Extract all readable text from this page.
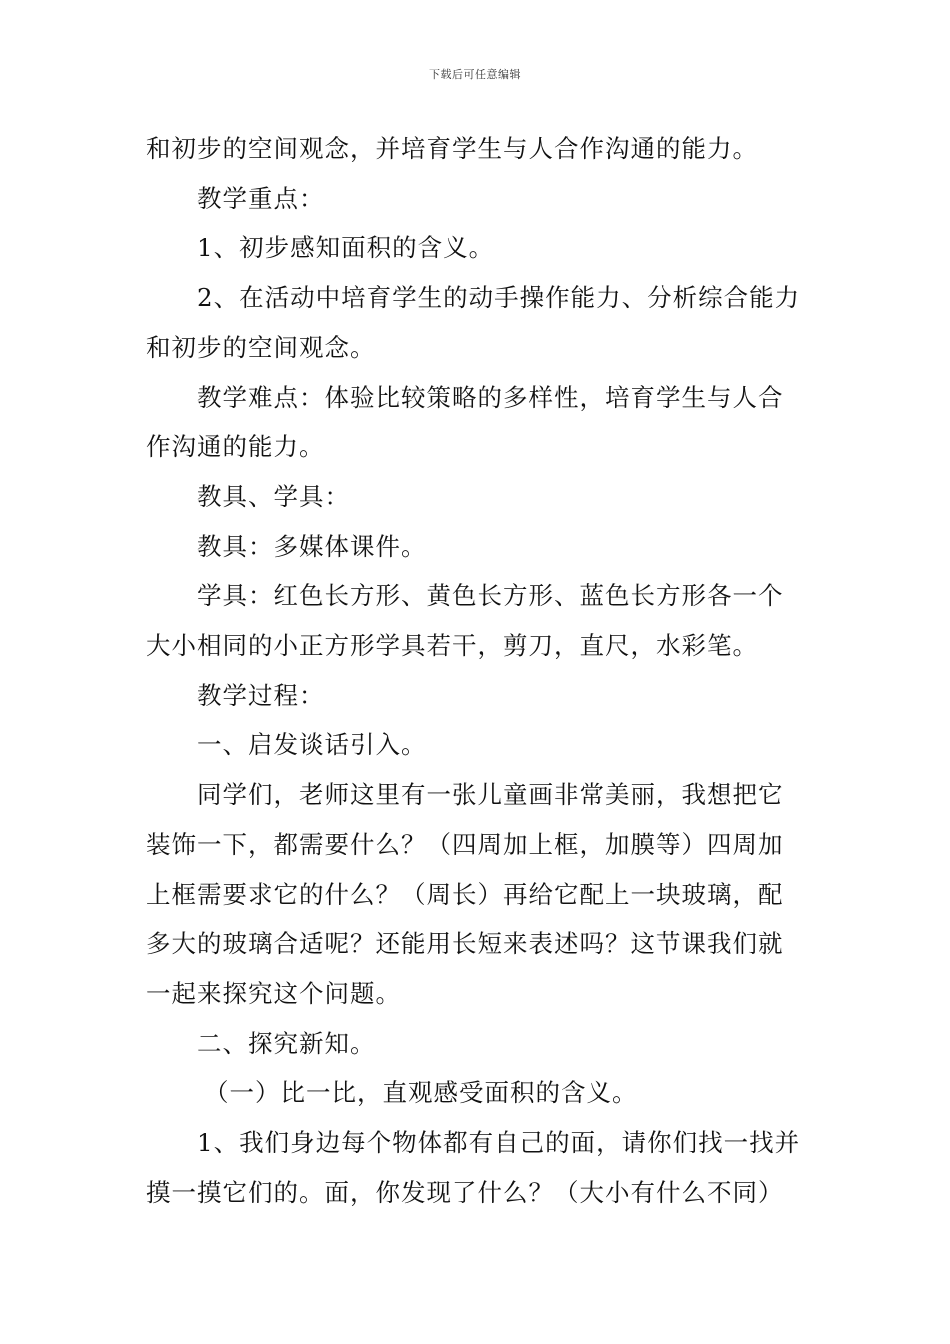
下载后可任意编辑

和初步的空间观念，并培育学生与人合作沟通的能力。

教学重点：

1、初步感知面积的含义。

2、在活动中培育学生的动手操作能力、分析综合能力

和初步的空间观念。

教学难点：体验比较策略的多样性，培育学生与人合

作沟通的能力。

教具、学具：

教具：多媒体课件。

学具：红色长方形、黄色长方形、蓝色长方形各一个

大小相同的小正方形学具若干，剪刀，直尺，水彩笔。

教学过程：

一、启发谈话引入。

同学们，老师这里有一张儿童画非常美丽，我想把它

装饰一下，都需要什么？（四周加上框，加膜等）四周加

上框需要求它的什么？（周长）再给它配上一块玻璃，配

多大的玻璃合适呢？还能用长短来表述吗？这节课我们就

一起来探究这个问题。

二、探究新知。

（一）比一比，直观感受面积的含义。

1、我们身边每个物体都有自己的面，请你们找一找并

摸一摸它们的。面，你发现了什么？（大小有什么不同）
